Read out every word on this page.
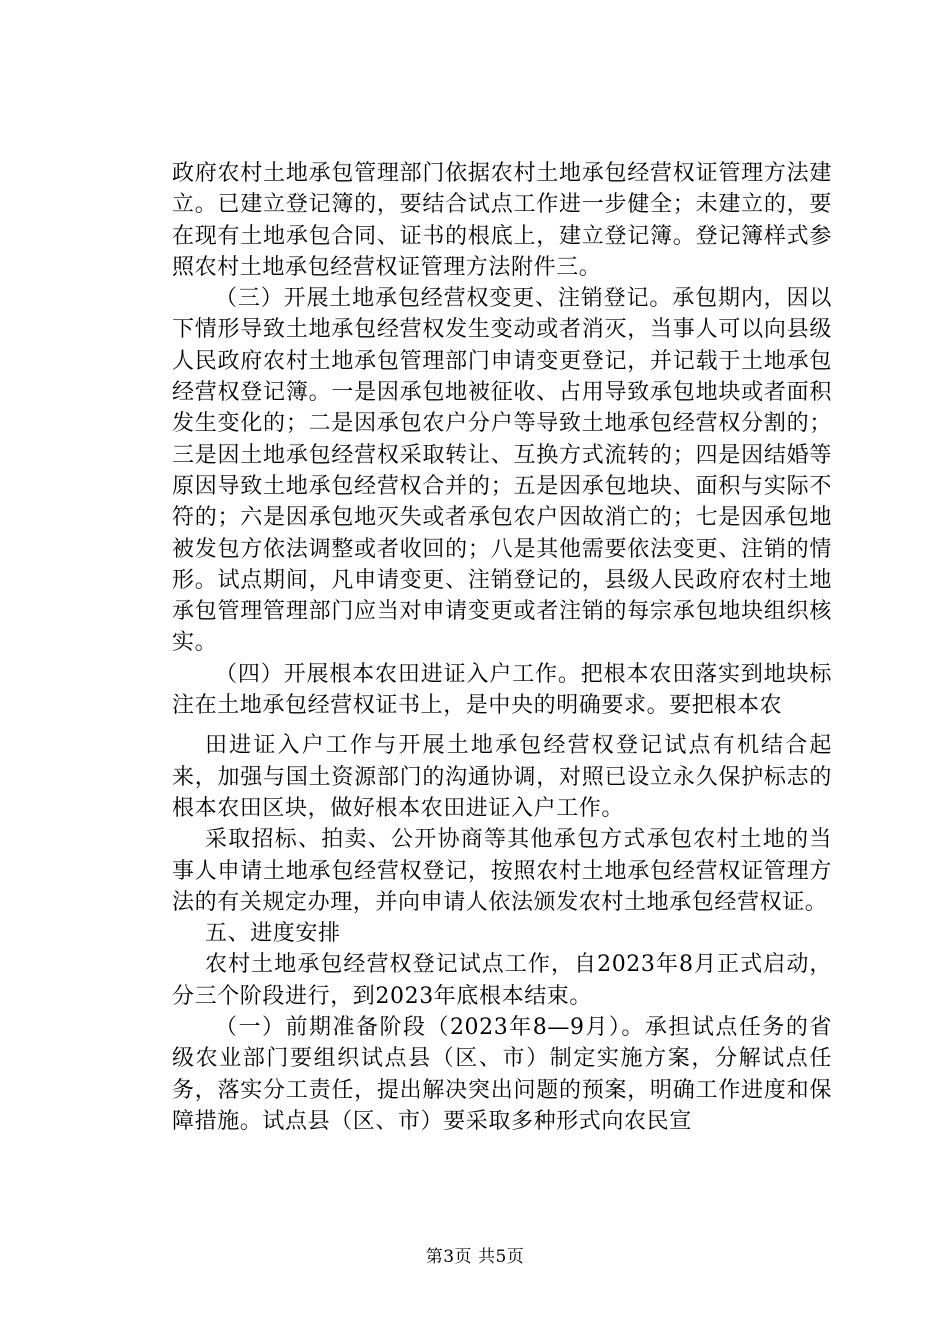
政府农村土地承包管理部门依据农村土地承包经营权证管理方法建立。已建立登记簿的，要结合试点工作进一步健全；未建立的，要在现有土地承包合同、证书的根底上，建立登记簿。登记簿样式参照农村土地承包经营权证管理方法附件三。

（三）开展土地承包经营权变更、注销登记。承包期内，因以下情形导致土地承包经营权发生变动或者消灭，当事人可以向县级人民政府农村土地承包管理部门申请变更登记，并记载于土地承包经营权登记簿。一是因承包地被征收、占用导致承包地块或者面积发生变化的；二是因承包农户分户等导致土地承包经营权分割的；三是因土地承包经营权采取转让、互换方式流转的；四是因结婚等原因导致土地承包经营权合并的；五是因承包地块、面积与实际不符的；六是因承包地灭失或者承包农户因故消亡的；七是因承包地被发包方依法调整或者收回的；八是其他需要依法变更、注销的情形。试点期间，凡申请变更、注销登记的，县级人民政府农村土地承包管理管理部门应当对申请变更或者注销的每宗承包地块组织核实。

（四）开展根本农田进证入户工作。把根本农田落实到地块标注在土地承包经营权证书上，是中央的明确要求。要把根本农

田进证入户工作与开展土地承包经营权登记试点有机结合起来，加强与国土资源部门的沟通协调，对照已设立永久保护标志的根本农田区块，做好根本农田进证入户工作。

采取招标、拍卖、公开协商等其他承包方式承包农村土地的当事人申请土地承包经营权登记，按照农村土地承包经营权证管理方法的有关规定办理，并向申请人依法颁发农村土地承包经营权证。

五、进度安排

农村土地承包经营权登记试点工作，自2023年8月正式启动，分三个阶段进行，到2023年底根本结束。

（一）前期准备阶段（2023年8—9月）。承担试点任务的省级农业部门要组织试点县（区、市）制定实施方案，分解试点任务，落实分工责任，提出解决突出问题的预案，明确工作进度和保障措施。试点县（区、市）要采取多种形式向农民宣

第3页 共5页
